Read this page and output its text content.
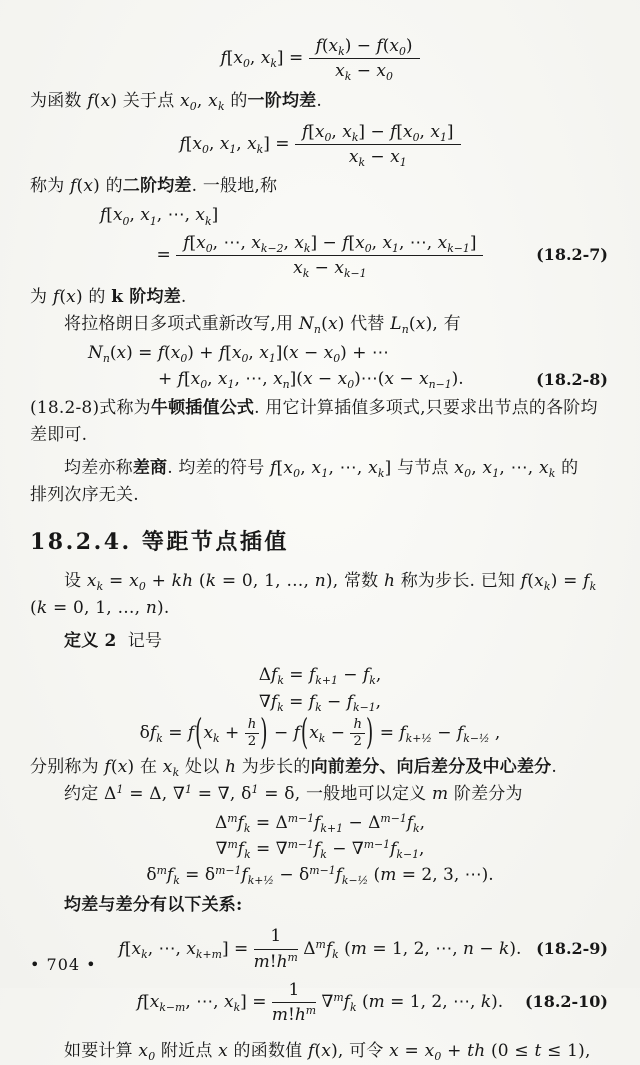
$f[x_0$, $x_k] = \frac{f(x_k) - f(x_0)}{x_k - x_0}$

为函数 f(x) 关于点 $x_0$, $x_k$ 的一阶均差.

$f[x_0$, $x_1$, $x_k] = \frac{f[x_0, x_k] - f[x_0, x_1]}{x_k - x_1}$

称为 f(x) 的二阶均差. 一般地,称

$f[x_0$, $x_1$, ⋯, $x_k$]
= $\frac{f[x_0, \cdots, x_{k-2}, x_k] - f[x_0, x_1, \cdots, x_{k-1}]}{x_k - x_{k-1}}$	(18.2-7)

为 f(x) 的 k 阶均差.

将拉格朗日多项式重新改写,用 $N_n(x)$ 代替 $L_n(x)$, 有

$N_n(x) = f(x_0) + f[x_0$, $x_1](x - x_0)$ + ⋯
+ $f[x_0$, $x_1$, ⋯, $x_n](x$ − $x_0)\cdots(x - x_{n-1})$.	(18.2-8)

(18.2-8)式称为牛顿插值公式. 用它计算插值多项式,只要求出节点的各阶均

差即可.

均差亦称差商. 均差的符号 $f[x_0$, $x_1$, ⋯, $x_k$] 与节点 $x_0$, $x_1$, ⋯, $x_k$ 的

排列次序无关.

18.2.4. 等距节点插值

设 $x_k = x_0$ + kh (k = 0, 1, …, n), 常数 h 称为步长. 已知 $f(x_k) = f_k$

(k = 0, 1, …, n).

定义 2  记号

$\Delta f_k = f_{k+1} - f_k$,
$\nabla f_k = f_k - f_{k-1}$,
$\delta f_k = f(x_k + \frac{h}{2}$ ) − $f(x_k - \frac{h}{2}$ ) = $f_{k+\frac{1}{2}} - f_{k-\frac{1}{2}}$ ,

分别称为 f(x) 在 $x_k$ 处以 h 为步长的向前差分、向后差分及中心差分.

约定 $\Delta^1 = \Delta$, ∇$^1$ = ∇, $\delta^1 = \delta$, 一般地可以定义 m 阶差分为

$\Delta^mf_k = \Delta^{m-1}f_{k+1} - \Delta^{m-1}f_k$,
$\nabla^mf_k = \nabla^{m-1}f_k - \nabla^{m-1}f_{k-1}$,
$\delta^mf_k = \delta^{m-1}f_{k+\frac{1}{2}} - \delta^{m-1}f_{k-\frac{1}{2}}$ (m = 2, 3, ⋯).

均差与差分有以下关系:

$f[x_k$, ⋯, $x_{k+m}] = \frac{1}{m!h^m} \Delta^mf_k$ (m = 1, 2, ⋯, n − k). (18.2-9)
$f[x_{k-m}$, ⋯, $x_k] = \frac{1}{m!h^m} \nabla^mf_k$ (m = 1, 2, ⋯, k). (18.2-10)

如要计算 $x_0$ 附近点 x 的函数值 f(x), 可令 $x = x_0$ + th (0 ≤ t ≤ 1),

• 704 •
